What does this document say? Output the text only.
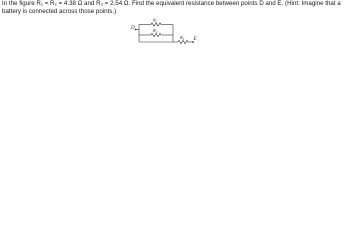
In the figure R₁ = R₂ = 4.38 Ω and R₃ = 2.54 Ω. Find the equivalent resistance between points D and E. (Hint: Imagine that a battery is connected across those points.)

D
E
R₁
R₂
R₃
